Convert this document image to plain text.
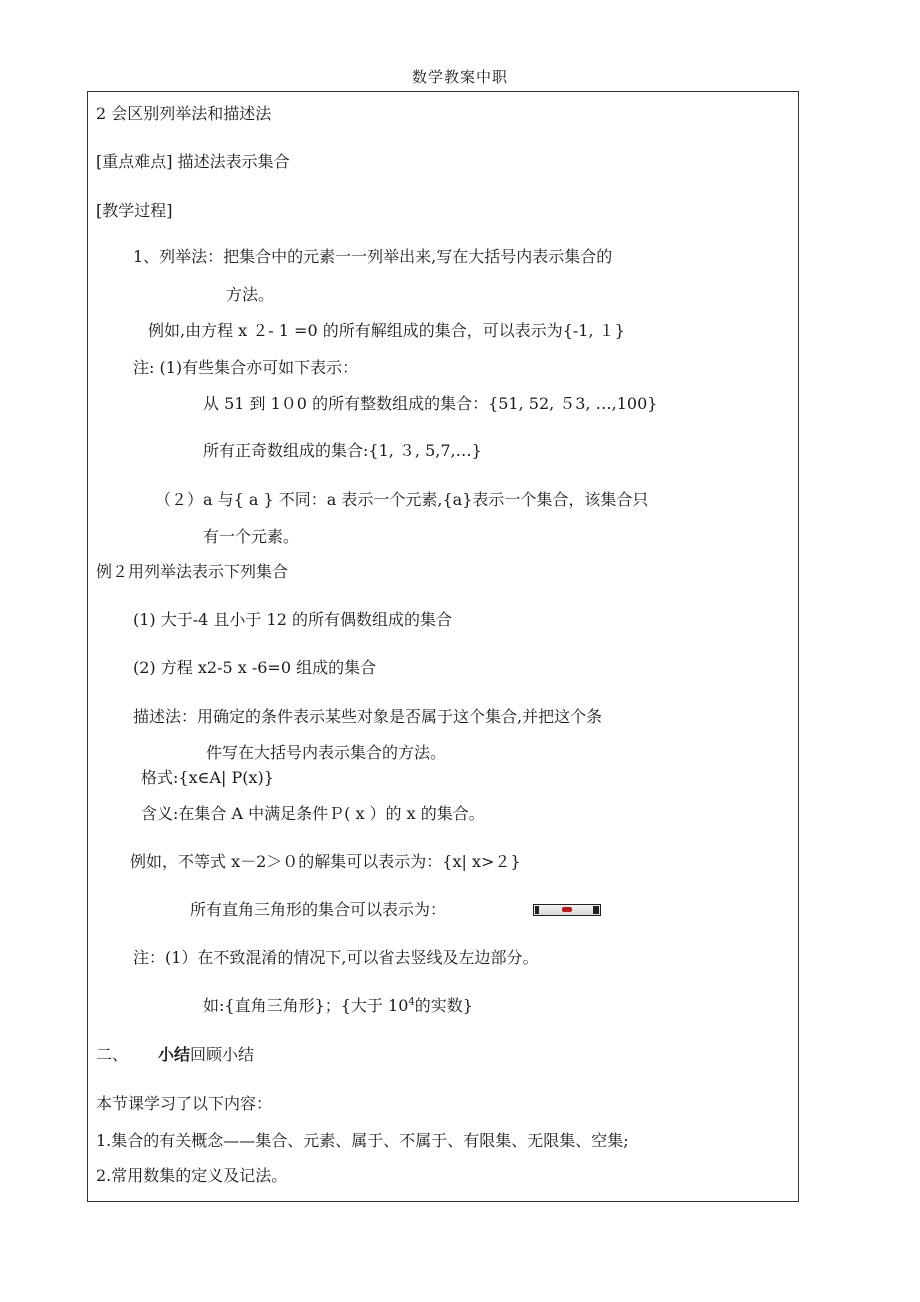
数学教案中职
2 会区别列举法和描述法
[重点难点] 描述法表示集合
[教学过程]
1、列举法：把集合中的元素一一列举出来,写在大括号内表示集合的
方法。
例如,由方程 x ２- 1 =0 的所有解组成的集合，可以表示为{-1, １}
注: (1)有些集合亦可如下表示：
从 51 到 1０0 的所有整数组成的集合：{51, 52, ５3, …,100}
所有正奇数组成的集合:{1, ３, 5,7,…}
（２）a 与{ a } 不同：a 表示一个元素,{a}表示一个集合，该集合只
有一个元素。
例２用列举法表示下列集合
(1) 大于-4 且小于 12 的所有偶数组成的集合
(2) 方程 x2-5 x -6=0 组成的集合
描述法：用确定的条件表示某些对象是否属于这个集合,并把这个条
件写在大括号内表示集合的方法。
格式:{x∈A| P(x)}
含义:在集合 A 中满足条件Ｐ( x ）的 x 的集合。
例如，不等式 x－2＞０的解集可以表示为：{x| x>２}
所有直角三角形的集合可以表示为：
注：(1）在不致混淆的情况下,可以省去竖线及左边部分。
如:{直角三角形}；{大于 $10^4$的实数}
二、 小结回顾小结
本节课学习了以下内容：
1.集合的有关概念——集合、元素、属于、不属于、有限集、无限集、空集;
2.常用数集的定义及记法。
